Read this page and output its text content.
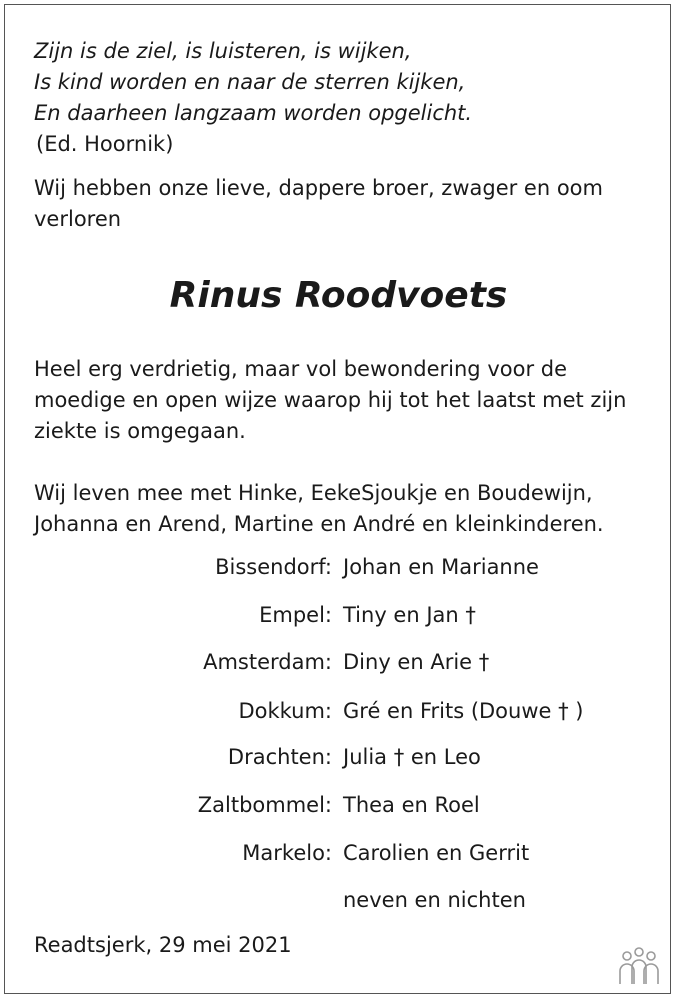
Zijn is de ziel, is luisteren, is wijken,
Is kind worden en naar de sterren kijken,
En daarheen langzaam worden opgelicht.
(Ed. Hoornik)
Wij hebben onze lieve, dappere broer, zwager en oom verloren
Rinus Roodvoets
Heel erg verdrietig, maar vol bewondering voor de moedige en open wijze waarop hij tot het laatst met zijn ziekte is omgegaan.
Wij leven mee met Hinke, EekeSjoukje en Boudewijn, Johanna en Arend, Martine en André en kleinkinderen.
Bissendorf: Johan en Marianne
Empel: Tiny en Jan †
Amsterdam: Diny en Arie †
Dokkum: Gré en Frits (Douwe † )
Drachten: Julia † en Leo
Zaltbommel: Thea en Roel
Markelo: Carolien en Gerrit
neven en nichten
Readtsjerk, 29 mei 2021
